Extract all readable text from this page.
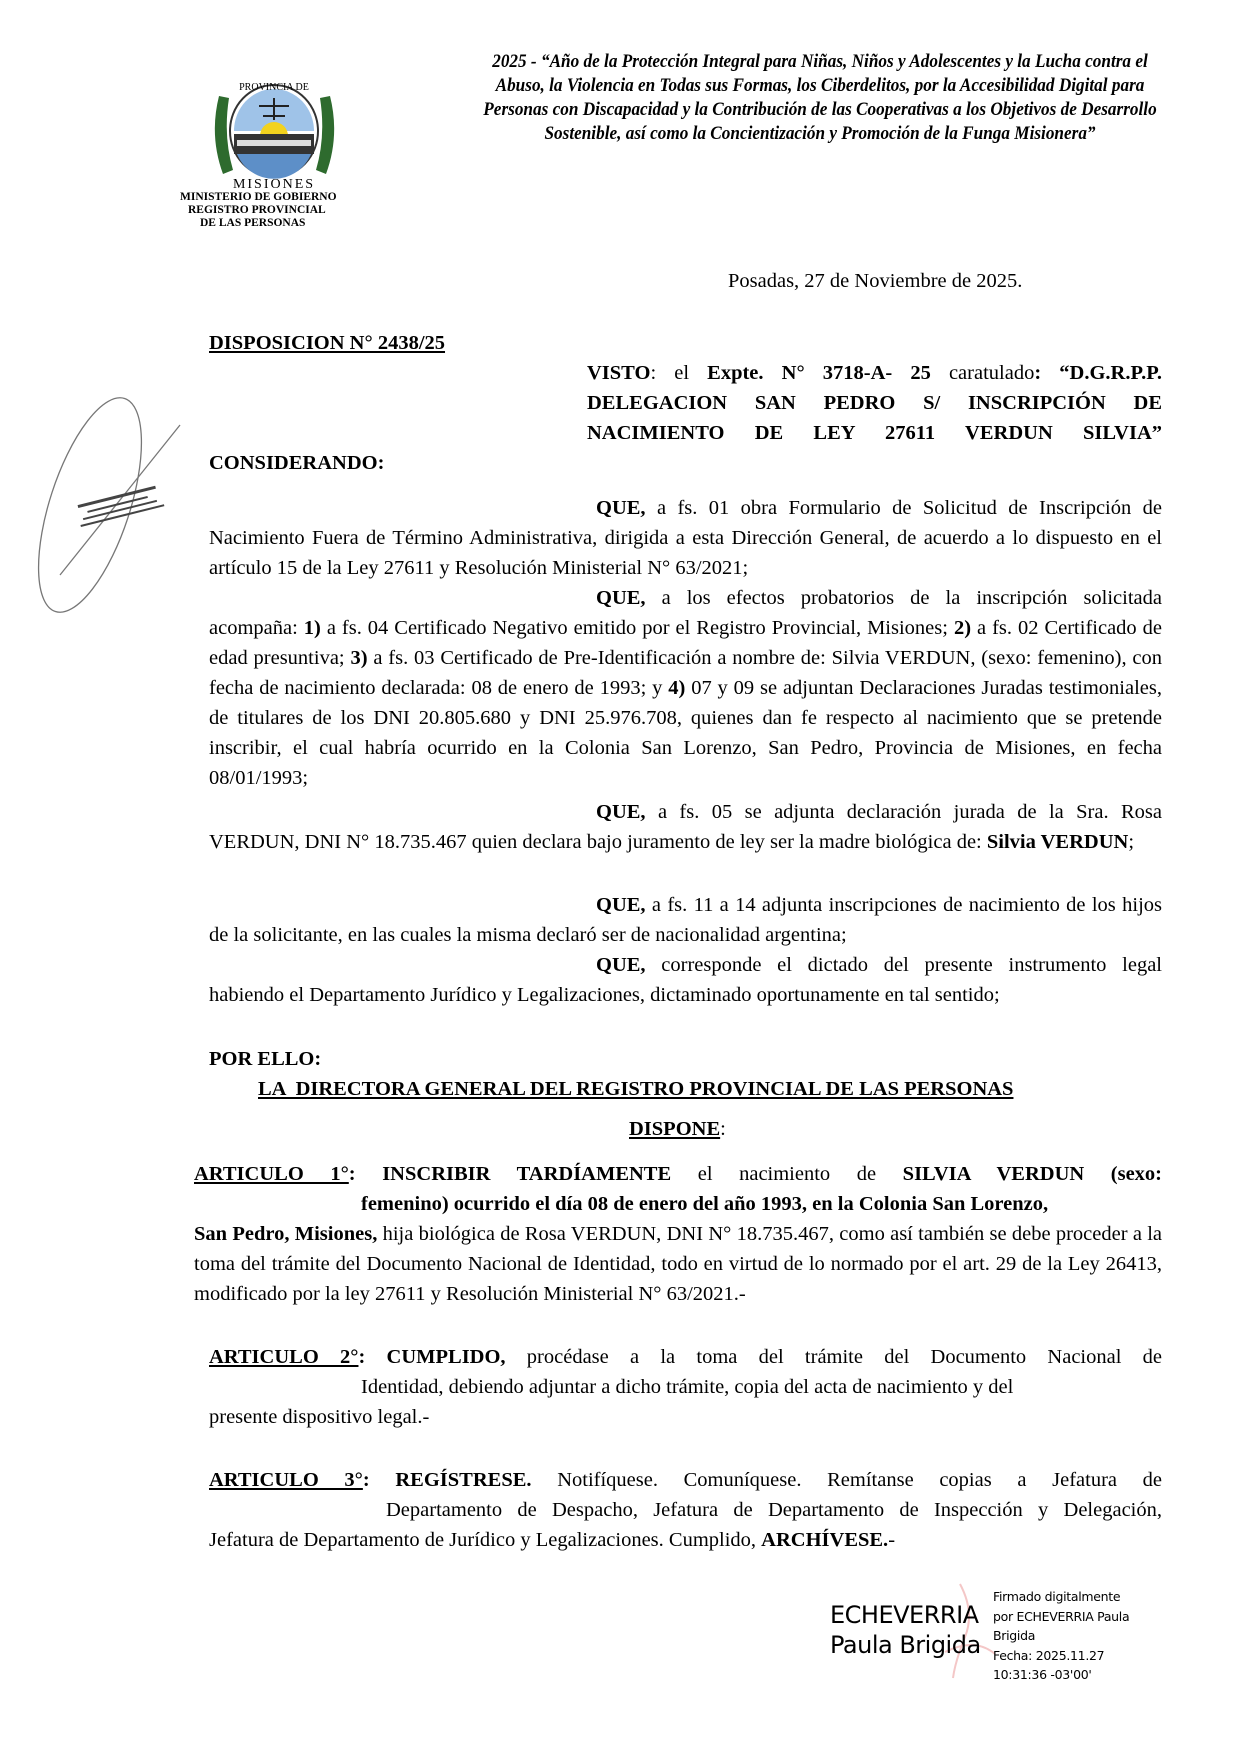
PROVINCIA DE
MISIONES
MINISTERIO DE GOBIERNO
REGISTRO PROVINCIAL
DE LAS PERSONAS
2025 - “Año de la Protección Integral para Niñas, Niños y Adolescentes y la Lucha contra el Abuso, la Violencia en Todas sus Formas, los Ciberdelitos, por la Accesibilidad Digital para Personas con Discapacidad y la Contribución de las Cooperativas a los Objetivos de Desarrollo Sostenible, así como la Concientización y Promoción de la Funga Misionera”
Posadas, 27 de Noviembre de 2025.
DISPOSICION N° 2438/25
VISTO: el Expte. N° 3718-A- 25 caratulado: “D.G.R.P.P. DELEGACION SAN PEDRO S/ INSCRIPCIÓN DE NACIMIENTO DE LEY 27611 VERDUN SILVIA”
CONSIDERANDO:
QUE, a fs. 01 obra Formulario de Solicitud de Inscripción de Nacimiento Fuera de Término Administrativa, dirigida a esta Dirección General, de acuerdo a lo dispuesto en el artículo 15 de la Ley 27611 y Resolución Ministerial N° 63/2021;
QUE, a los efectos probatorios de la inscripción solicitada acompaña: 1) a fs. 04 Certificado Negativo emitido por el Registro Provincial, Misiones; 2) a fs. 02 Certificado de edad presuntiva; 3) a fs. 03 Certificado de Pre-Identificación a nombre de: Silvia VERDUN, (sexo: femenino), con fecha de nacimiento declarada: 08 de enero de 1993; y 4) 07 y 09 se adjuntan Declaraciones Juradas testimoniales, de titulares de los DNI 20.805.680 y DNI 25.976.708, quienes dan fe respecto al nacimiento que se pretende inscribir, el cual habría ocurrido en la Colonia San Lorenzo, San Pedro, Provincia de Misiones, en fecha 08/01/1993;
QUE, a fs. 05 se adjunta declaración jurada de la Sra. Rosa VERDUN, DNI N° 18.735.467 quien declara bajo juramento de ley ser la madre biológica de: Silvia VERDUN;
QUE, a fs. 11 a 14 adjunta inscripciones de nacimiento de los hijos de la solicitante, en las cuales la misma declaró ser de nacionalidad argentina;
QUE, corresponde el dictado del presente instrumento legal habiendo el Departamento Jurídico y Legalizaciones, dictaminado oportunamente en tal sentido;
POR ELLO:
LA  DIRECTORA GENERAL DEL REGISTRO PROVINCIAL DE LAS PERSONAS
DISPONE:
ARTICULO 1°: INSCRIBIR TARDÍAMENTE el nacimiento de SILVIA VERDUN (sexo:
femenino) ocurrido el día 08 de enero del año 1993, en la Colonia San Lorenzo,
San Pedro, Misiones, hija biológica de Rosa VERDUN, DNI N° 18.735.467, como así también se debe proceder a la toma del trámite del Documento Nacional de Identidad, todo en virtud de lo normado por el art. 29 de la Ley 26413, modificado por la ley 27611 y Resolución Ministerial N° 63/2021.-
ARTICULO 2°: CUMPLIDO, procédase a la toma del trámite del Documento Nacional de
Identidad, debiendo adjuntar a dicho trámite, copia del acta de nacimiento y del
presente dispositivo legal.-
ARTICULO 3°: REGÍSTRESE. Notifíquese. Comuníquese. Remítanse copias a Jefatura de
Departamento de Despacho, Jefatura de Departamento de Inspección y Delegación,
Jefatura de Departamento de Jurídico y Legalizaciones. Cumplido, ARCHÍVESE.-
ECHEVERRIA
Paula Brigida
Firmado digitalmente
por ECHEVERRIA Paula
Brigida
Fecha: 2025.11.27
10:31:36 -03'00'
